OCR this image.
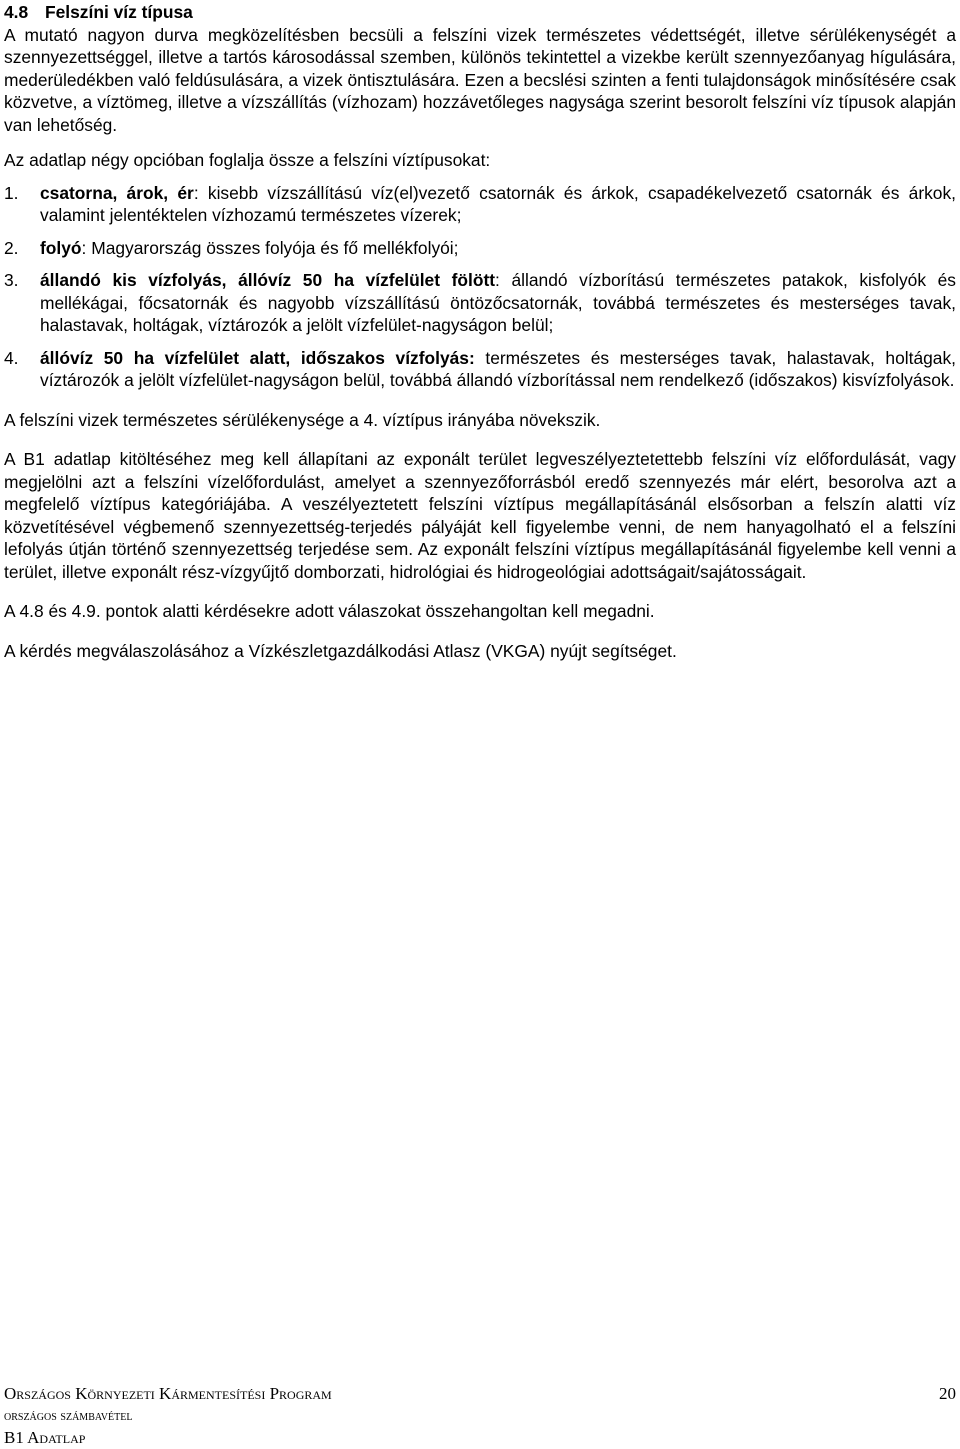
4.8 Felszíni víz típusa

A mutató nagyon durva megközelítésben becsüli a felszíni vizek természetes védettségét, illetve sérülékenységét a szennyezettséggel, illetve a tartós károsodással szemben, különös tekintettel a vizekbe került szennyezőanyag hígulására, mederüledékben való feldúsulására, a vizek öntisztulására. Ezen a becslési szinten a fenti tulajdonságok minősítésére csak közvetve, a víztömeg, illetve a vízszállítás (vízhozam) hozzávetőleges nagysága szerint besorolt felszíni víz típusok alapján van lehetőség.

Az adatlap négy opcióban foglalja össze a felszíni víztípusokat:

1.	csatorna, árok, ér: kisebb vízszállítású víz(el)vezető csatornák és árkok, csapadékelvezető csatornák és árkok, valamint jelentéktelen vízhozamú természetes vízerek;
2.	folyó: Magyarország összes folyója és fő mellékfolyói;
3.	állandó kis vízfolyás, állóvíz 50 ha vízfelület fölött: állandó vízborítású természetes patakok, kisfolyók és mellékágai, főcsatornák és nagyobb vízszállítású öntözőcsatornák, továbbá természetes és mesterséges tavak, halastavak, holtágak, víztározók a jelölt vízfelület-nagyságon belül;
4.	állóvíz 50 ha vízfelület alatt, időszakos vízfolyás: természetes és mesterséges tavak, halastavak, holtágak, víztározók a jelölt vízfelület-nagyságon belül, továbbá állandó vízborítással nem rendelkező (időszakos) kisvízfolyások.

A felszíni vizek természetes sérülékenysége a 4. víztípus irányába növekszik.

A B1 adatlap kitöltéséhez meg kell állapítani az exponált terület legveszélyeztetettebb felszíni víz előfordulását, vagy megjelölni azt a felszíni vízelőfordulást, amelyet a szennyezőforrásból eredő szennyezés már elért, besorolva azt a megfelelő víztípus kategóriájába. A veszélyeztetett felszíni víztípus megállapításánál elsősorban a felszín alatti víz közvetítésével végbemenő szennyezettség-terjedés pályáját kell figyelembe venni, de nem hanyagolható el a felszíni lefolyás útján történő szennyezettség terjedése sem. Az exponált felszíni víztípus megállapításánál figyelembe kell venni a terület, illetve exponált rész-vízgyűjtő domborzati, hidrológiai és hidrogeológiai adottságait/sajátosságait.

A 4.8 és 4.9. pontok alatti kérdésekre adott válaszokat összehangoltan kell megadni.

A kérdés megválaszolásához a Vízkészletgazdálkodási Atlasz (VKGA) nyújt segítséget.

Országos Környezeti Kármentesítési Program	20
országos számbavétel
B1 Adatlap
